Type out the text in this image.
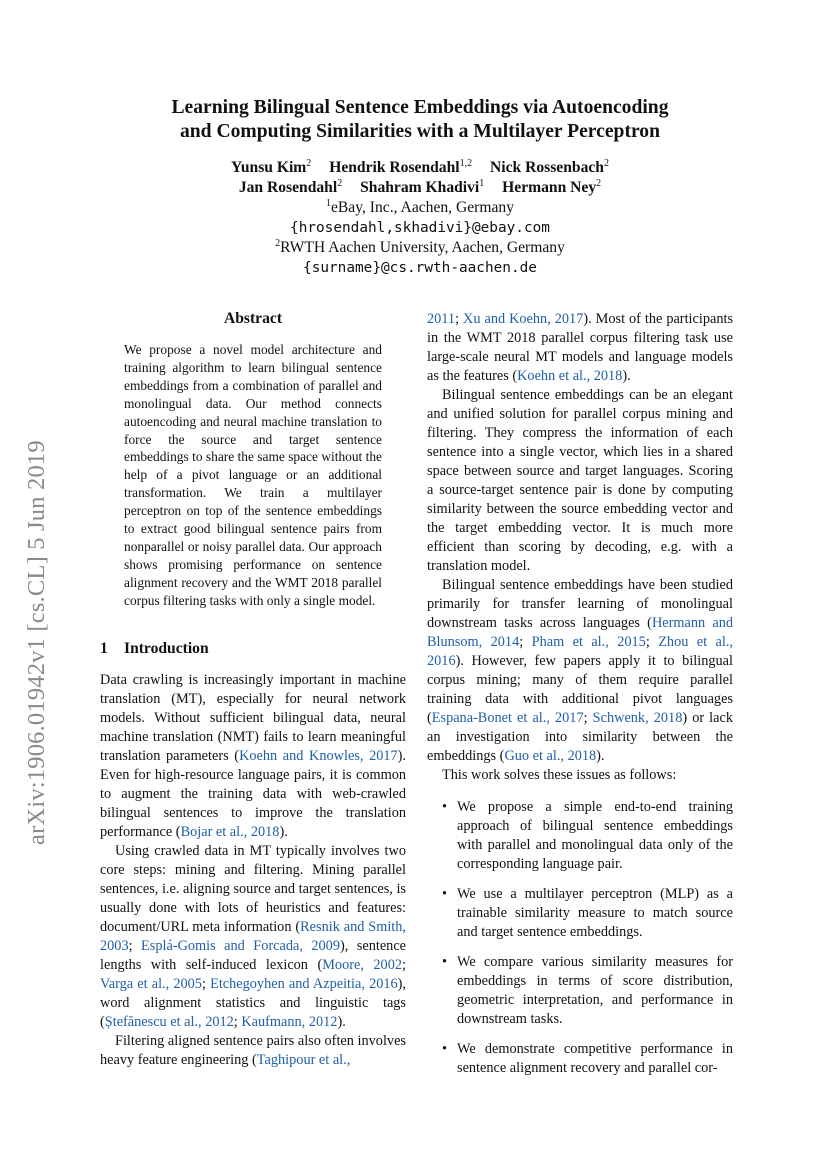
arXiv:1906.01942v1 [cs.CL] 5 Jun 2019
Learning Bilingual Sentence Embeddings via Autoencoding
and Computing Similarities with a Multilayer Perceptron
Yunsu Kim$^2$ Hendrik Rosendahl$^{1,2}$ Nick Rossenbach$^2$
Jan Rosendahl$^2$ Shahram Khadivi$^1$ Hermann Ney$^2$
$^1$eBay, Inc., Aachen, Germany
{hrosendahl,skhadivi}@ebay.com
$^2$RWTH Aachen University, Aachen, Germany
{surname}@cs.rwth-aachen.de
Abstract
We propose a novel model architecture and training algorithm to learn bilingual sentence embeddings from a combination of parallel and monolingual data. Our method connects autoencoding and neural machine translation to force the source and target sentence embeddings to share the same space without the help of a pivot language or an additional transformation. We train a multilayer perceptron on top of the sentence embeddings to extract good bilingual sentence pairs from nonparallel or noisy parallel data. Our approach shows promising performance on sentence alignment recovery and the WMT 2018 parallel corpus filtering tasks with only a single model.
1 Introduction

Data crawling is increasingly important in machine translation (MT), especially for neural network models. Without sufficient bilingual data, neural machine translation (NMT) fails to learn meaningful translation parameters (Koehn and Knowles, 2017). Even for high-resource language pairs, it is common to augment the training data with web-crawled bilingual sentences to improve the translation performance (Bojar et al., 2018).

Using crawled data in MT typically involves two core steps: mining and filtering. Mining parallel sentences, i.e. aligning source and target sentences, is usually done with lots of heuristics and features: document/URL meta information (Resnik and Smith, 2003; Esplá-Gomis and Forcada, 2009), sentence lengths with self-induced lexicon (Moore, 2002; Varga et al., 2005; Etchegoyhen and Azpeitia, 2016), word alignment statistics and linguistic tags (Ștefănescu et al., 2012; Kaufmann, 2012).

Filtering aligned sentence pairs also often involves heavy feature engineering (Taghipour et al.,

2011; Xu and Koehn, 2017). Most of the participants in the WMT 2018 parallel corpus filtering task use large-scale neural MT models and language models as the features (Koehn et al., 2018).

Bilingual sentence embeddings can be an elegant and unified solution for parallel corpus mining and filtering. They compress the information of each sentence into a single vector, which lies in a shared space between source and target languages. Scoring a source-target sentence pair is done by computing similarity between the source embedding vector and the target embedding vector. It is much more efficient than scoring by decoding, e.g. with a translation model.

Bilingual sentence embeddings have been studied primarily for transfer learning of monolingual downstream tasks across languages (Hermann and Blunsom, 2014; Pham et al., 2015; Zhou et al., 2016). However, few papers apply it to bilingual corpus mining; many of them require parallel training data with additional pivot languages (Espana-Bonet et al., 2017; Schwenk, 2018) or lack an investigation into similarity between the embeddings (Guo et al., 2018).

This work solves these issues as follows:

• We propose a simple end-to-end training approach of bilingual sentence embeddings with parallel and monolingual data only of the corresponding language pair.
• We use a multilayer perceptron (MLP) as a trainable similarity measure to match source and target sentence embeddings.
• We compare various similarity measures for embeddings in terms of score distribution, geometric interpretation, and performance in downstream tasks.
• We demonstrate competitive performance in sentence alignment recovery and parallel cor-
